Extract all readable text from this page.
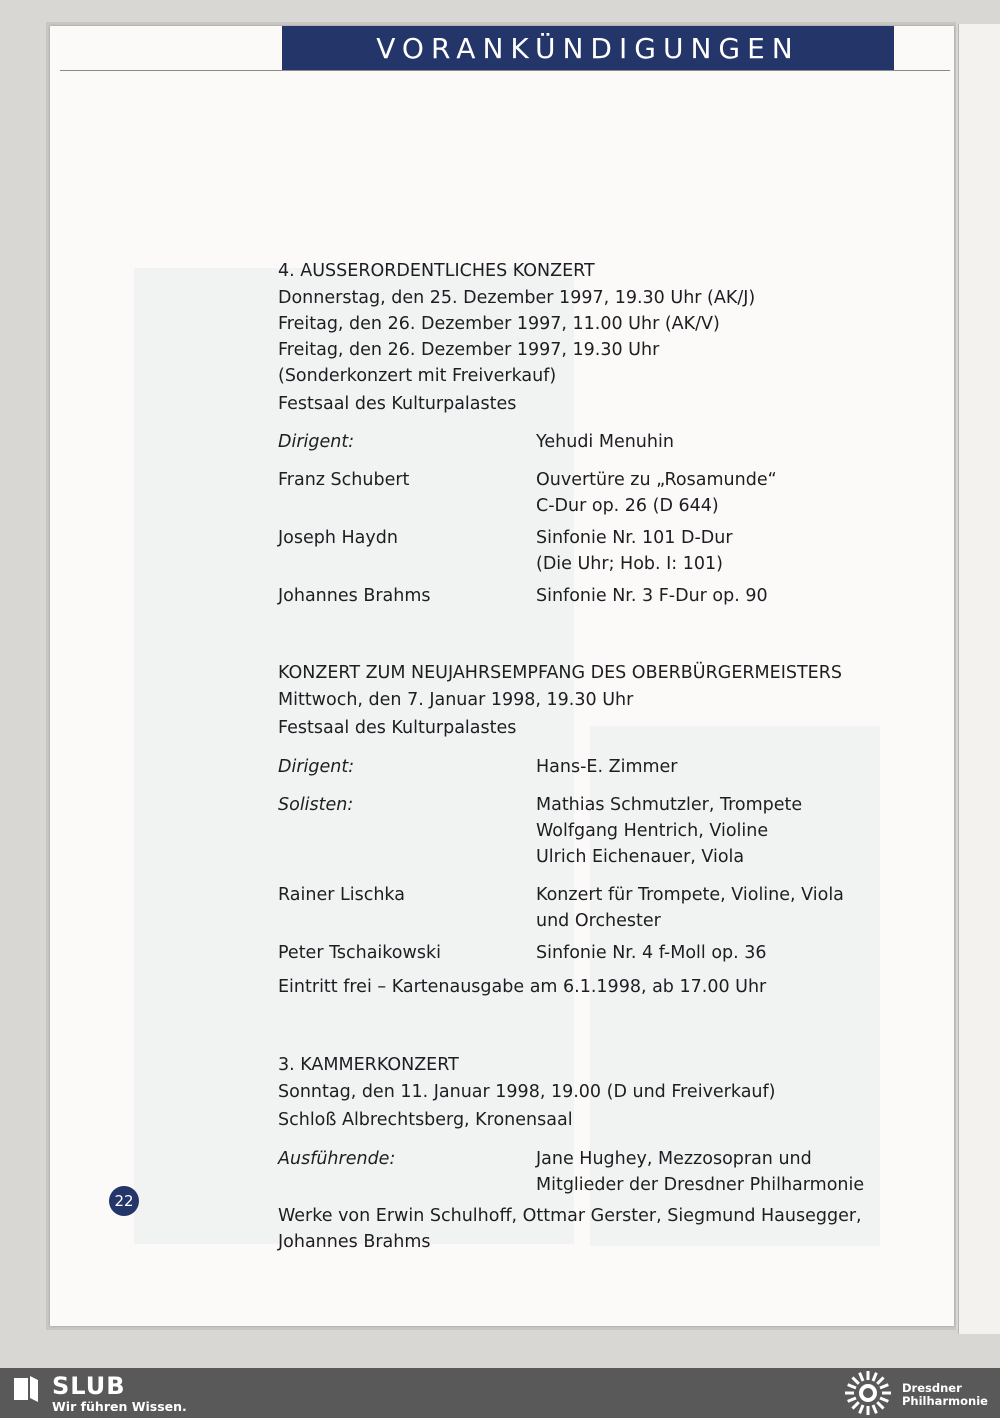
VORANKÜNDIGUNGEN
4. AUSSERORDENTLICHES KONZERT
Donnerstag, den 25. Dezember 1997, 19.30 Uhr (AK/J)
Freitag, den 26. Dezember 1997, 11.00 Uhr (AK/V)
Freitag, den 26. Dezember 1997, 19.30 Uhr
(Sonderkonzert mit Freiverkauf)
Festsaal des Kulturpalastes
Dirigent:	Yehudi Menuhin
Franz Schubert	Ouvertüre zu „Rosamunde“
C-Dur op. 26 (D 644)
Joseph Haydn	Sinfonie Nr. 101 D-Dur
(Die Uhr; Hob. I: 101)
Johannes Brahms	Sinfonie Nr. 3 F-Dur op. 90
KONZERT ZUM NEUJAHRSEMPFANG DES OBERBÜRGERMEISTERS
Mittwoch, den 7. Januar 1998, 19.30 Uhr
Festsaal des Kulturpalastes
Dirigent:	Hans-E. Zimmer
Solisten:	Mathias Schmutzler, Trompete
Wolfgang Hentrich, Violine
Ulrich Eichenauer, Viola
Rainer Lischka	Konzert für Trompete, Violine, Viola
und Orchester
Peter Tschaikowski	Sinfonie Nr. 4 f-Moll op. 36
Eintritt frei – Kartenausgabe am 6.1.1998, ab 17.00 Uhr
3. KAMMERKONZERT
Sonntag, den 11. Januar 1998, 19.00 (D und Freiverkauf)
Schloß Albrechtsberg, Kronensaal
Ausführende:	Jane Hughey, Mezzosopran und
Mitglieder der Dresdner Philharmonie
Werke von Erwin Schulhoff, Ottmar Gerster, Siegmund Hausegger,
Johannes Brahms
22
SLUB
Wir führen Wissen.
Dresdner
Philharmonie
